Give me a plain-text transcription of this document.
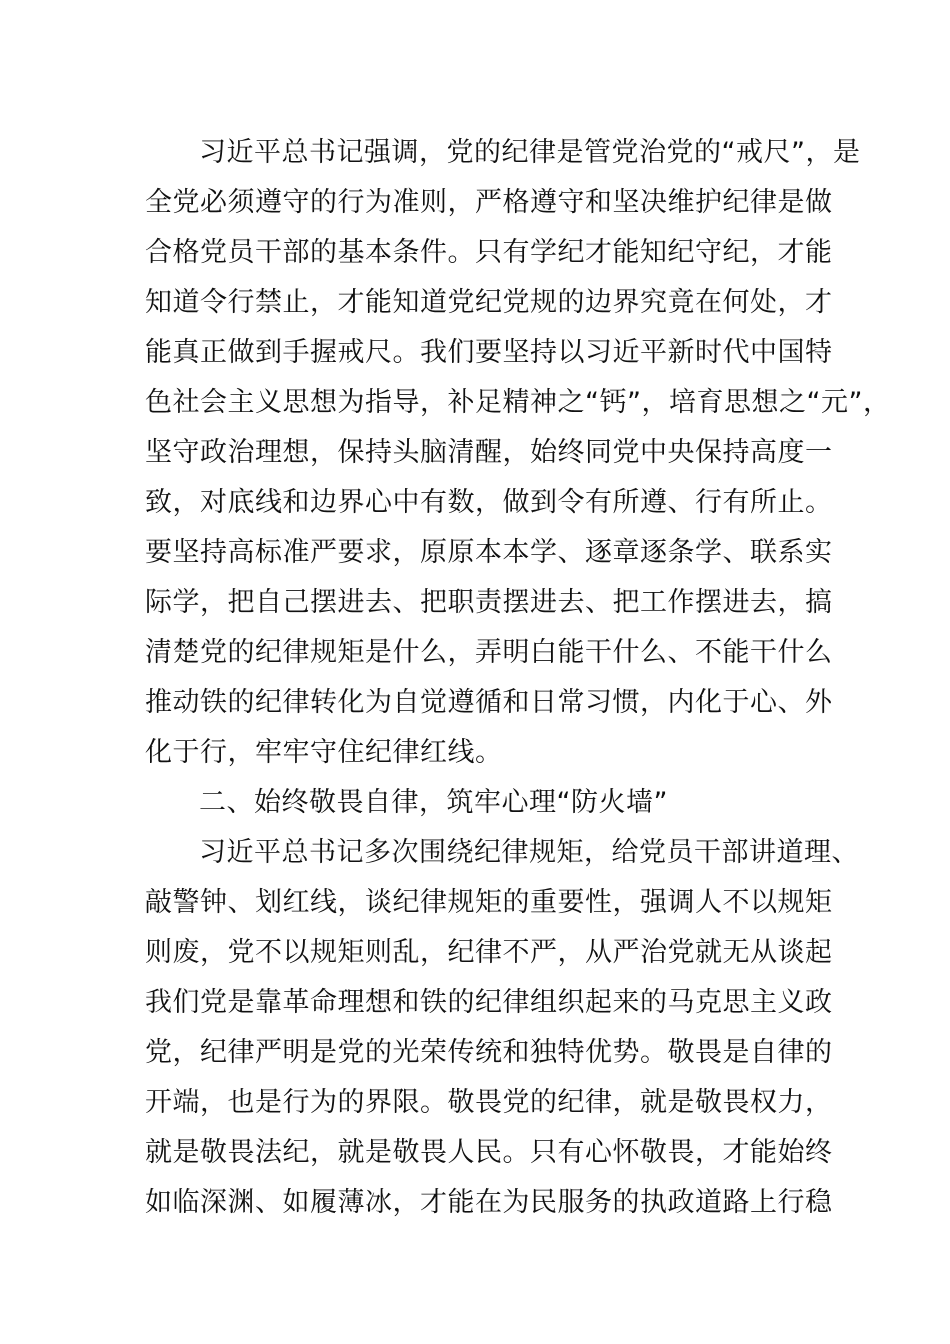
习近平总书记强调，党的纪律是管党治党的“戒尺”，是
全党必须遵守的行为准则，严格遵守和坚决维护纪律是做
合格党员干部的基本条件。只有学纪才能知纪守纪，才能
知道令行禁止，才能知道党纪党规的边界究竟在何处，才
能真正做到手握戒尺。我们要坚持以习近平新时代中国特
色社会主义思想为指导，补足精神之“钙”，培育思想之“元”，
坚守政治理想，保持头脑清醒，始终同党中央保持高度一
致，对底线和边界心中有数，做到令有所遵、行有所止。
要坚持高标准严要求，原原本本学、逐章逐条学、联系实
际学，把自己摆进去、把职责摆进去、把工作摆进去，搞
清楚党的纪律规矩是什么，弄明白能干什么、不能干什么
推动铁的纪律转化为自觉遵循和日常习惯，内化于心、外
化于行，牢牢守住纪律红线。
二、始终敬畏自律，筑牢心理“防火墙”
习近平总书记多次围绕纪律规矩，给党员干部讲道理、
敲警钟、划红线，谈纪律规矩的重要性，强调人不以规矩
则废，党不以规矩则乱，纪律不严，从严治党就无从谈起
我们党是靠革命理想和铁的纪律组织起来的马克思主义政
党，纪律严明是党的光荣传统和独特优势。敬畏是自律的
开端，也是行为的界限。敬畏党的纪律，就是敬畏权力，
就是敬畏法纪，就是敬畏人民。只有心怀敬畏，才能始终
如临深渊、如履薄冰，才能在为民服务的执政道路上行稳
